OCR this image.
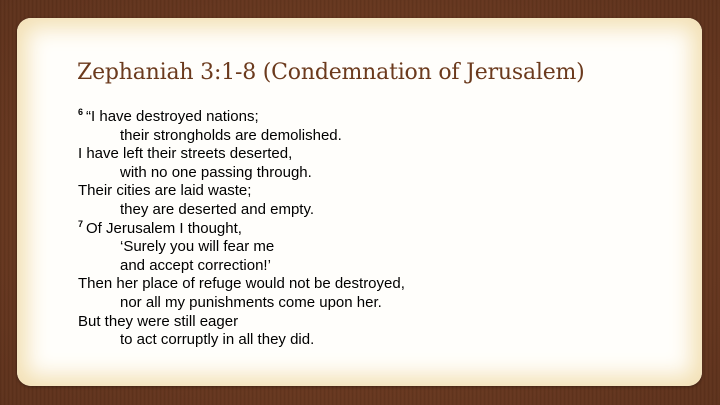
Zephaniah 3:1-8 (Condemnation of Jerusalem)
$^6$ “I have destroyed nations;
their strongholds are demolished.
I have left their streets deserted,
with no one passing through.
Their cities are laid waste;
they are deserted and empty.
$^7$ Of Jerusalem I thought,
‘Surely you will fear me
and accept correction!’
Then her place of refuge would not be destroyed,
nor all my punishments come upon her.
But they were still eager
to act corruptly in all they did.
